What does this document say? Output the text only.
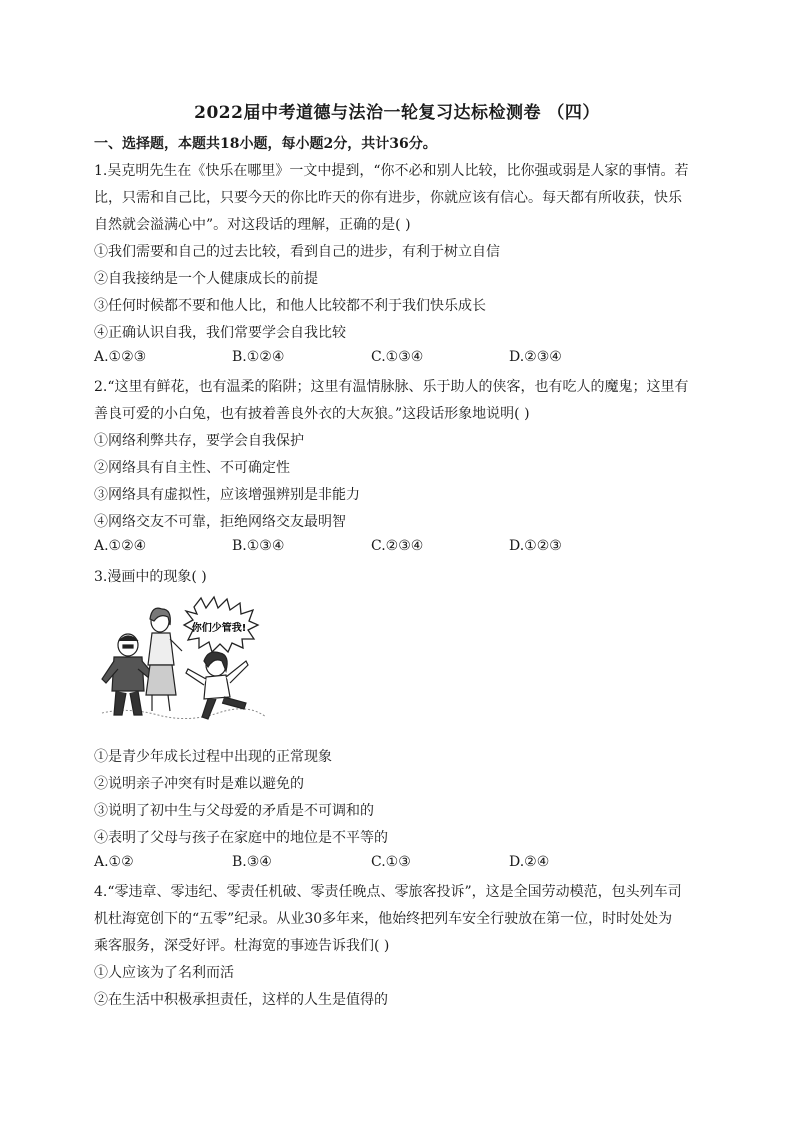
2022届中考道德与法治一轮复习达标检测卷 （四）
一、选择题，本题共18小题，每小题2分，共计36分。
1.吴克明先生在《快乐在哪里》一文中提到，“你不必和别人比较，比你强或弱是人家的事情。若
比，只需和自己比，只要今天的你比昨天的你有进步，你就应该有信心。每天都有所收获，快乐
自然就会溢满心中”。对这段话的理解，正确的是( )
①我们需要和自己的过去比较，看到自己的进步，有利于树立自信
②自我接纳是一个人健康成长的前提
③任何时候都不要和他人比，和他人比较都不利于我们快乐成长
④正确认识自我，我们常要学会自我比较
A.①②③	B.①②④	C.①③④	D.②③④
2.“这里有鲜花，也有温柔的陷阱；这里有温情脉脉、乐于助人的侠客，也有吃人的魔鬼；这里有
善良可爱的小白兔，也有披着善良外衣的大灰狼。”这段话形象地说明( )
①网络利弊共存，要学会自我保护
②网络具有自主性、不可确定性
③网络具有虚拟性，应该增强辨别是非能力
④网络交友不可靠，拒绝网络交友最明智
A.①②④	B.①③④	C.②③④	D.①②③
3.漫画中的现象( )
你们少管我!
①是青少年成长过程中出现的正常现象
②说明亲子冲突有时是难以避免的
③说明了初中生与父母爱的矛盾是不可调和的
④表明了父母与孩子在家庭中的地位是不平等的
A.①②	B.③④	C.①③	D.②④
4.“零违章、零违纪、零责任机破、零责任晚点、零旅客投诉”，这是全国劳动模范，包头列车司
机杜海宽创下的“五零”纪录。从业30多年来，他始终把列车安全行驶放在第一位，时时处处为
乘客服务，深受好评。杜海宽的事迹告诉我们( )
①人应该为了名利而活
②在生活中积极承担责任，这样的人生是值得的
